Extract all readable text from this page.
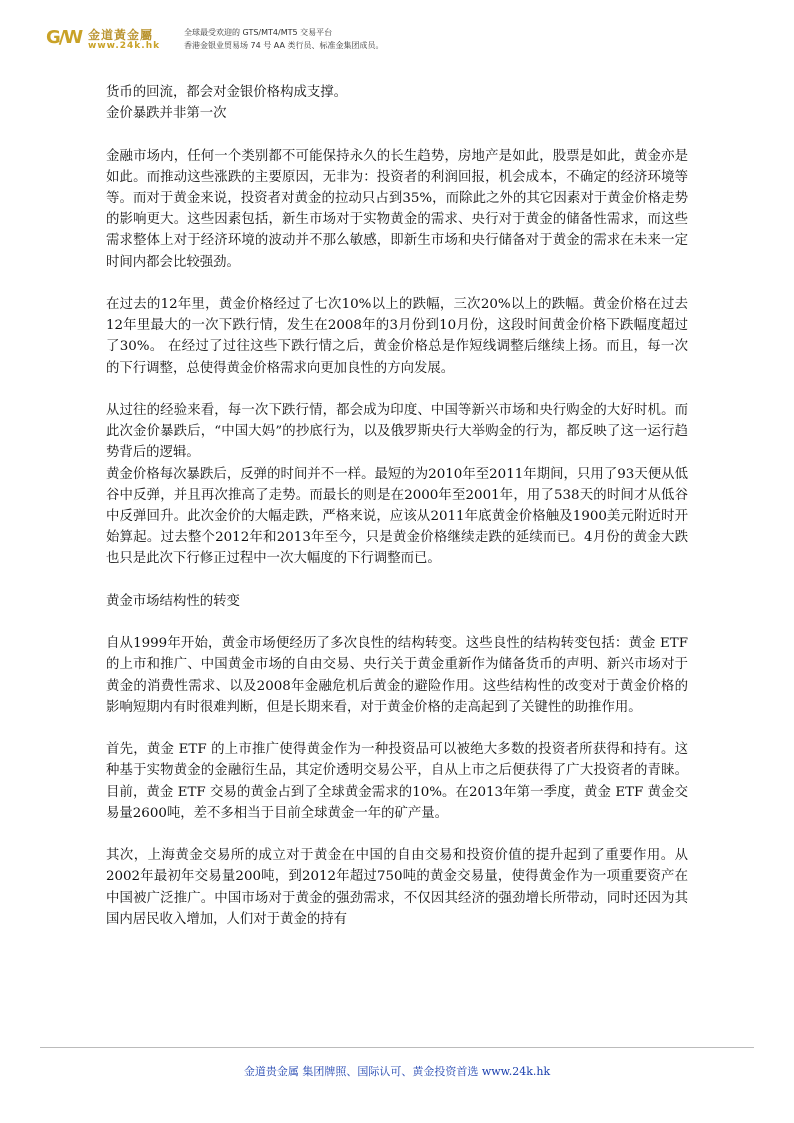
G/W 金道黃金屬
www.24k.hk
全球最受欢迎的 GTS/MT4/MT5 交易平台
香港金银业贸易场 74 号 AA 类行员、标准金集团成员。

货币的回流，都会对金银价格构成支撑。

金价暴跌并非第一次

金融市场内，任何一个类别都不可能保持永久的长生趋势，房地产是如此，股票是如此，黄金亦是如此。而推动这些涨跌的主要原因，无非为：投资者的利润回报，机会成本，不确定的经济环境等等。而对于黄金来说，投资者对黄金的拉动只占到35%，而除此之外的其它因素对于黄金价格走势的影响更大。这些因素包括，新生市场对于实物黄金的需求、央行对于黄金的储备性需求，而这些需求整体上对于经济环境的波动并不那么敏感，即新生市场和央行储备对于黄金的需求在未来一定时间内都会比较强劲。

在过去的12年里，黄金价格经过了七次10%以上的跌幅，三次20%以上的跌幅。黄金价格在过去12年里最大的一次下跌行情，发生在2008年的3月份到10月份，这段时间黄金价格下跌幅度超过了30%。 在经过了过往这些下跌行情之后，黄金价格总是作短线调整后继续上扬。而且，每一次的下行调整，总使得黄金价格需求向更加良性的方向发展。

从过往的经验来看，每一次下跌行情，都会成为印度、中国等新兴市场和央行购金的大好时机。而此次金价暴跌后，“中国大妈”的抄底行为，以及俄罗斯央行大举购金的行为，都反映了这一运行趋势背后的逻辑。

黄金价格每次暴跌后，反弹的时间并不一样。最短的为2010年至2011年期间，只用了93天便从低谷中反弹，并且再次推高了走势。而最长的则是在2000年至2001年，用了538天的时间才从低谷中反弹回升。此次金价的大幅走跌，严格来说，应该从2011年底黄金价格触及1900美元附近时开始算起。过去整个2012年和2013年至今，只是黄金价格继续走跌的延续而已。4月份的黄金大跌也只是此次下行修正过程中一次大幅度的下行调整而已。

黄金市场结构性的转变

自从1999年开始，黄金市场便经历了多次良性的结构转变。这些良性的结构转变包括：黄金 ETF 的上市和推广、中国黄金市场的自由交易、央行关于黄金重新作为储备货币的声明、新兴市场对于黄金的消费性需求、以及2008年金融危机后黄金的避险作用。这些结构性的改变对于黄金价格的影响短期内有时很难判断，但是长期来看，对于黄金价格的走高起到了关键性的助推作用。

首先，黄金 ETF 的上市推广使得黄金作为一种投资品可以被绝大多数的投资者所获得和持有。这种基于实物黄金的金融衍生品，其定价透明交易公平，自从上市之后便获得了广大投资者的青睐。目前，黄金 ETF 交易的黄金占到了全球黄金需求的10%。在2013年第一季度，黄金 ETF 黄金交易量2600吨，差不多相当于目前全球黄金一年的矿产量。

其次，上海黄金交易所的成立对于黄金在中国的自由交易和投资价值的提升起到了重要作用。从2002年最初年交易量200吨，到2012年超过750吨的黄金交易量，使得黄金作为一项重要资产在中国被广泛推广。中国市场对于黄金的强劲需求，不仅因其经济的强劲增长所带动，同时还因为其国内居民收入增加，人们对于黄金的持有

金道贵金属 集团牌照、国际认可、黄金投资首选 www.24k.hk
